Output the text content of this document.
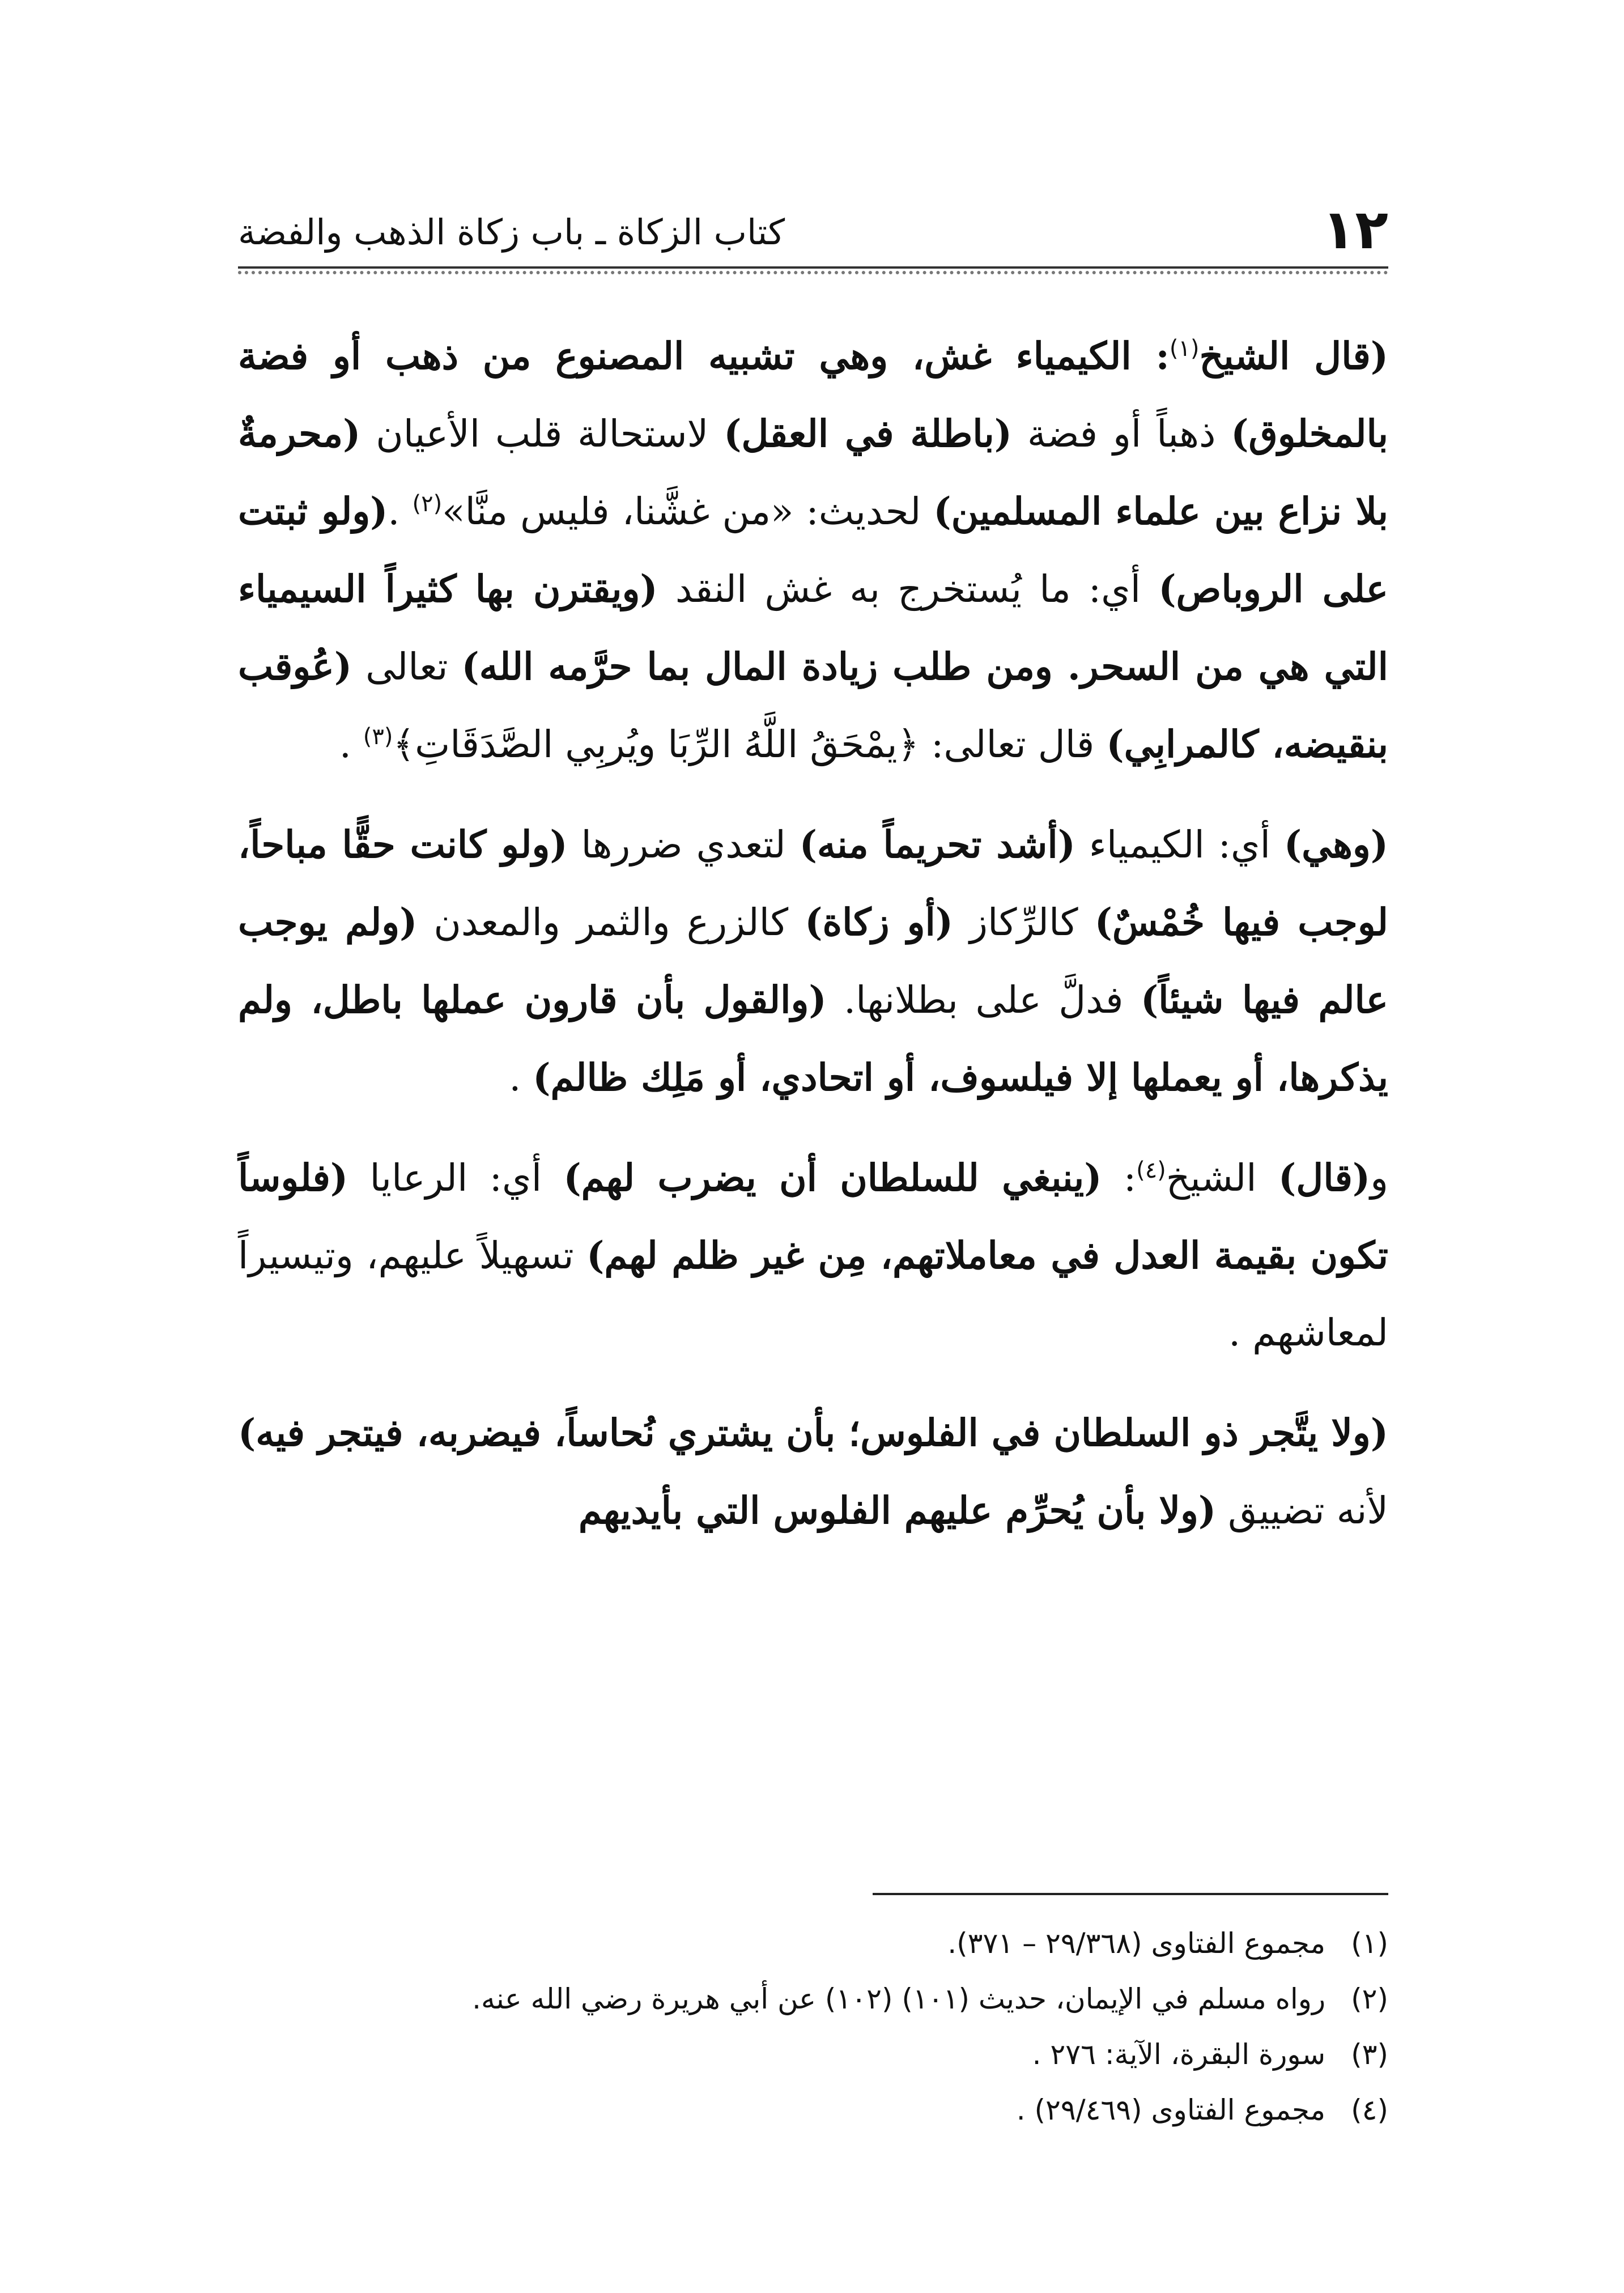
١٢
كتاب الزكاة ـ باب زكاة الذهب والفضة

(قال الشيخ$^{(١)}$: الكيمياء غش، وهي تشبيه المصنوع من ذهب أو فضة بالمخلوق) ذهباً أو فضة (باطلة في العقل) لاستحالة قلب الأعيان (محرمةٌ بلا نزاع بين علماء المسلمين) لحديث: «من غشَّنا، فليس منَّا»$^{(٢)}$ .(ولو ثبتت على الروباص) أي: ما يُستخرج به غش النقد (ويقترن بها كثيراً السيمياء التي هي من السحر. ومن طلب زيادة المال بما حرَّمه الله) تعالى (عُوقب بنقيضه، كالمرابِي) قال تعالى: ﴿يمْحَقُ اللَّهُ الرِّبَا ويُربِي الصَّدَقَاتِ﴾$^{(٣)}$ .

(وهي) أي: الكيمياء (أشد تحريماً منه) لتعدي ضررها (ولو كانت حقًّا مباحاً، لوجب فيها خُمْسٌ) كالرِّكاز (أو زكاة) كالزرع والثمر والمعدن (ولم يوجب عالم فيها شيئاً) فدلَّ على بطلانها. (والقول بأن قارون عملها باطل، ولم يذكرها، أو يعملها إلا فيلسوف، أو اتحادي، أو مَلِك ظالم) .

و(قال) الشيخ$^{(٤)}$: (ينبغي للسلطان أن يضرب لهم) أي: الرعايا (فلوساً تكون بقيمة العدل في معاملاتهم، مِن غير ظلم لهم) تسهيلاً عليهم، وتيسيراً لمعاشهم .

(ولا يتَّجر ذو السلطان في الفلوس؛ بأن يشتري نُحاساً، فيضربه، فيتجر فيه) لأنه تضييق (ولا بأن يُحرِّم عليهم الفلوس التي بأيديهم

(١) مجموع الفتاوى (٢٩/٣٦٨ – ٣٧١).
(٢) رواه مسلم في الإيمان، حديث (١٠١) (١٠٢) عن أبي هريرة رضي الله عنه.
(٣) سورة البقرة، الآية: ٢٧٦ .
(٤) مجموع الفتاوى (٢٩/٤٦٩) .
